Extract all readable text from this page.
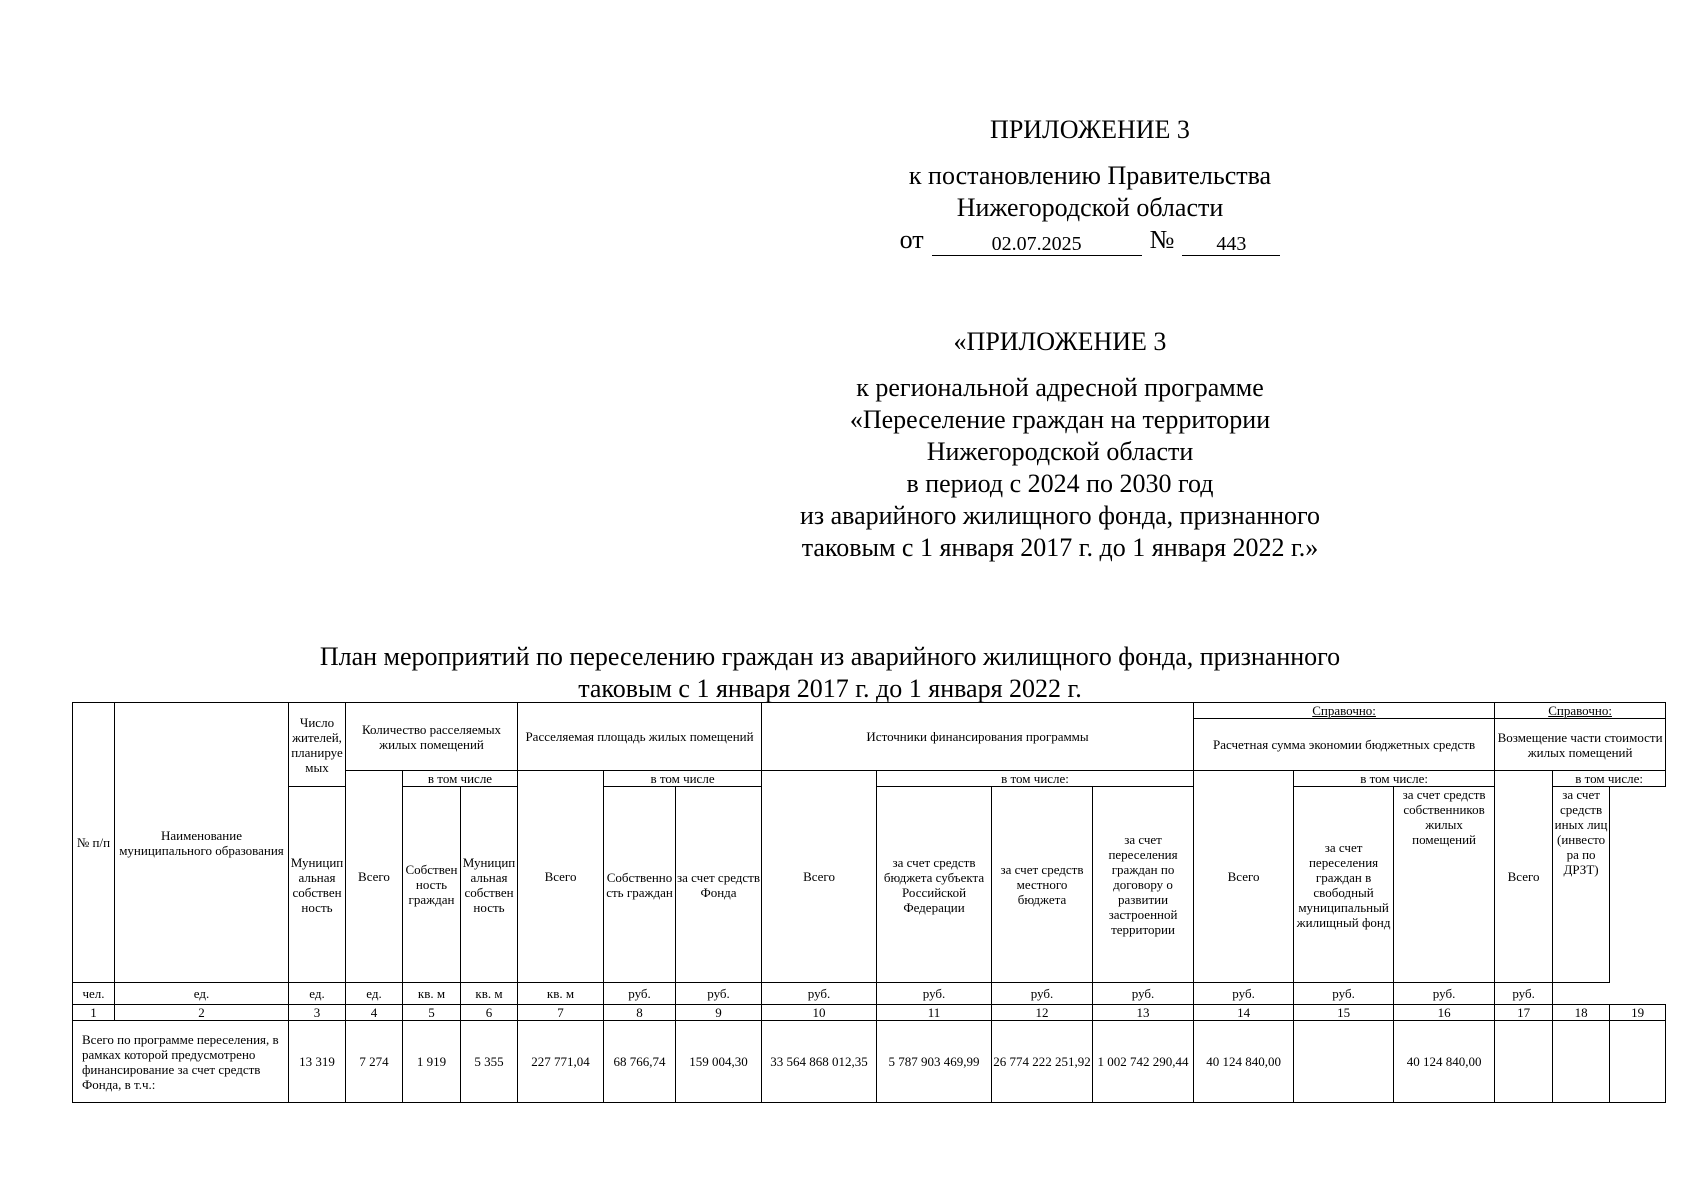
ПРИЛОЖЕНИЕ 3
к постановлению Правительства
Нижегородской области
от	02.07.2025	№	443
«ПРИЛОЖЕНИЕ 3
к региональной адресной программе
«Переселение граждан на территории
Нижегородской области
в период с 2024 по 2030 год
из аварийного жилищного фонда, признанного
таковым с 1 января 2017 г. до 1 января 2022 г.»
План мероприятий по переселению граждан из аварийного жилищного фонда, признанного
таковым с 1 января 2017 г. до 1 января 2022 г.
№ п/п	Наименование муниципального образования	Число жителей, планируемых	Количество расселяемых жилых помещений			Расселяемая площадь жилых помещений			Источники финансирования программы				Справочно:			Справочно:		
													Расчетная сумма экономии бюджетных средств			Возмещение части стоимости жилых помещений		
			Всего	в том числе		Всего	в том числе		Всего	в том числе:			Всего	в том числе:		Всего	в том числе:	
		Муниципальная собственность		Собственность граждан	Муниципальная собственность		Собственность граждан	за счет средств Фонда		за счет средств бюджета субъекта Российской Федерации	за счет средств местного бюджета	за счет переселения граждан по договору о развитии застроенной территории		за счет переселения граждан в свободный муниципальный жилищный фонд	за счет средств собственников жилых помещений		за счет средств иных лиц (инвестора по ДРЗТ)	
чел.	ед.	ед.	ед.	кв. м	кв. м	кв. м	руб.	руб.	руб.	руб.	руб.	руб.	руб.	руб.	руб.	руб.		
1	2	3	4	5	6	7	8	9	10	11	12	13	14	15	16	17	18	19
Всего по программе переселения, в рамках которой предусмотрено финансирование за счет средств Фонда, в т.ч.:		13 319	7 274	1 919	5 355	227 771,04	68 766,74	159 004,30	33 564 868 012,35	5 787 903 469,99	26 774 222 251,92	1 002 742 290,44	40 124 840,00		40 124 840,00			
